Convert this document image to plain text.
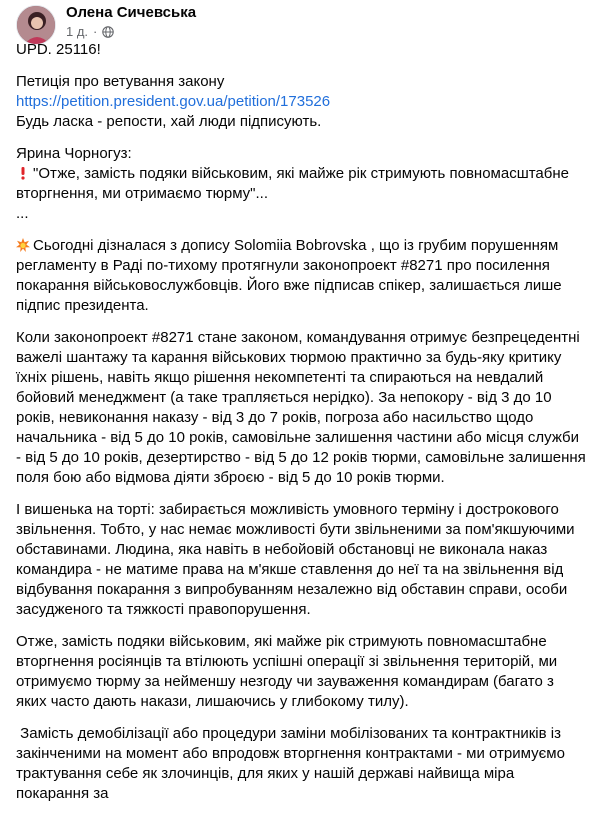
Олена Сичевська
1 д. ·

UPD. 25116!

Петиція про ветування закону
https://petition.president.gov.ua/petition/173526
Будь ласка - репости, хай люди підписують.

Ярина Чорногуз:
"Отже, замість подяки військовим, які майже рік стримують повномасштабне вторгнення, ми отримаємо тюрму"...
...

Сьогодні дізналася з допису Solomiia Bobrovska , що із грубим порушенням регламенту в Раді по-тихому протягнули законопроект #8271 про посилення покарання військовослужбовців. Його вже підписав спікер, залишається лише підпис президента.

Коли законопроект #8271 стане законом, командування отримує безпрецедентні важелі шантажу та карання військових тюрмою практично за будь-яку критику їхніх рішень, навіть якщо рішення некомпетенті та спираються на невдалий бойовий менеджмент (а таке трапляється нерідко). За непокору - від 3 до 10 років, невиконання наказу - від 3 до 7 років, погроза або насильство щодо начальника - від 5 до 10 років, самовільне залишення частини або місця служби - від 5 до 10 років, дезертирство - від 5 до 12 років тюрми, самовільне залишення поля бою або відмова діяти зброєю - від 5 до 10 років тюрми.

І вишенька на торті: забирається можливість умовного терміну і дострокового звільнення. Тобто, у нас немає можливості бути звільненими за пом'якшуючими обставинами. Людина, яка навіть в небойовій обстановці не виконала наказ командира - не матиме права на м'якше ставлення до неї та на звільнення від відбування покарання з випробуванням незалежно від обставин справи, особи засудженого та тяжкості правопорушення.

Отже, замість подяки військовим, які майже рік стримують повномасштабне вторгнення росіянців та втілюють успішні операції зі звільнення територій, ми отримуємо тюрму за нейменшу незгоду чи зауваження командирам (багато з яких часто дають накази, лишаючись у глибокому тилу).

Замість демобілізації або процедури заміни мобілізованих та контрактників із закінченими на момент або впродовж вторгнення контрактами - ми отримуємо трактування себе як злочинців, для яких у нашій державі найвища міра покарання за
